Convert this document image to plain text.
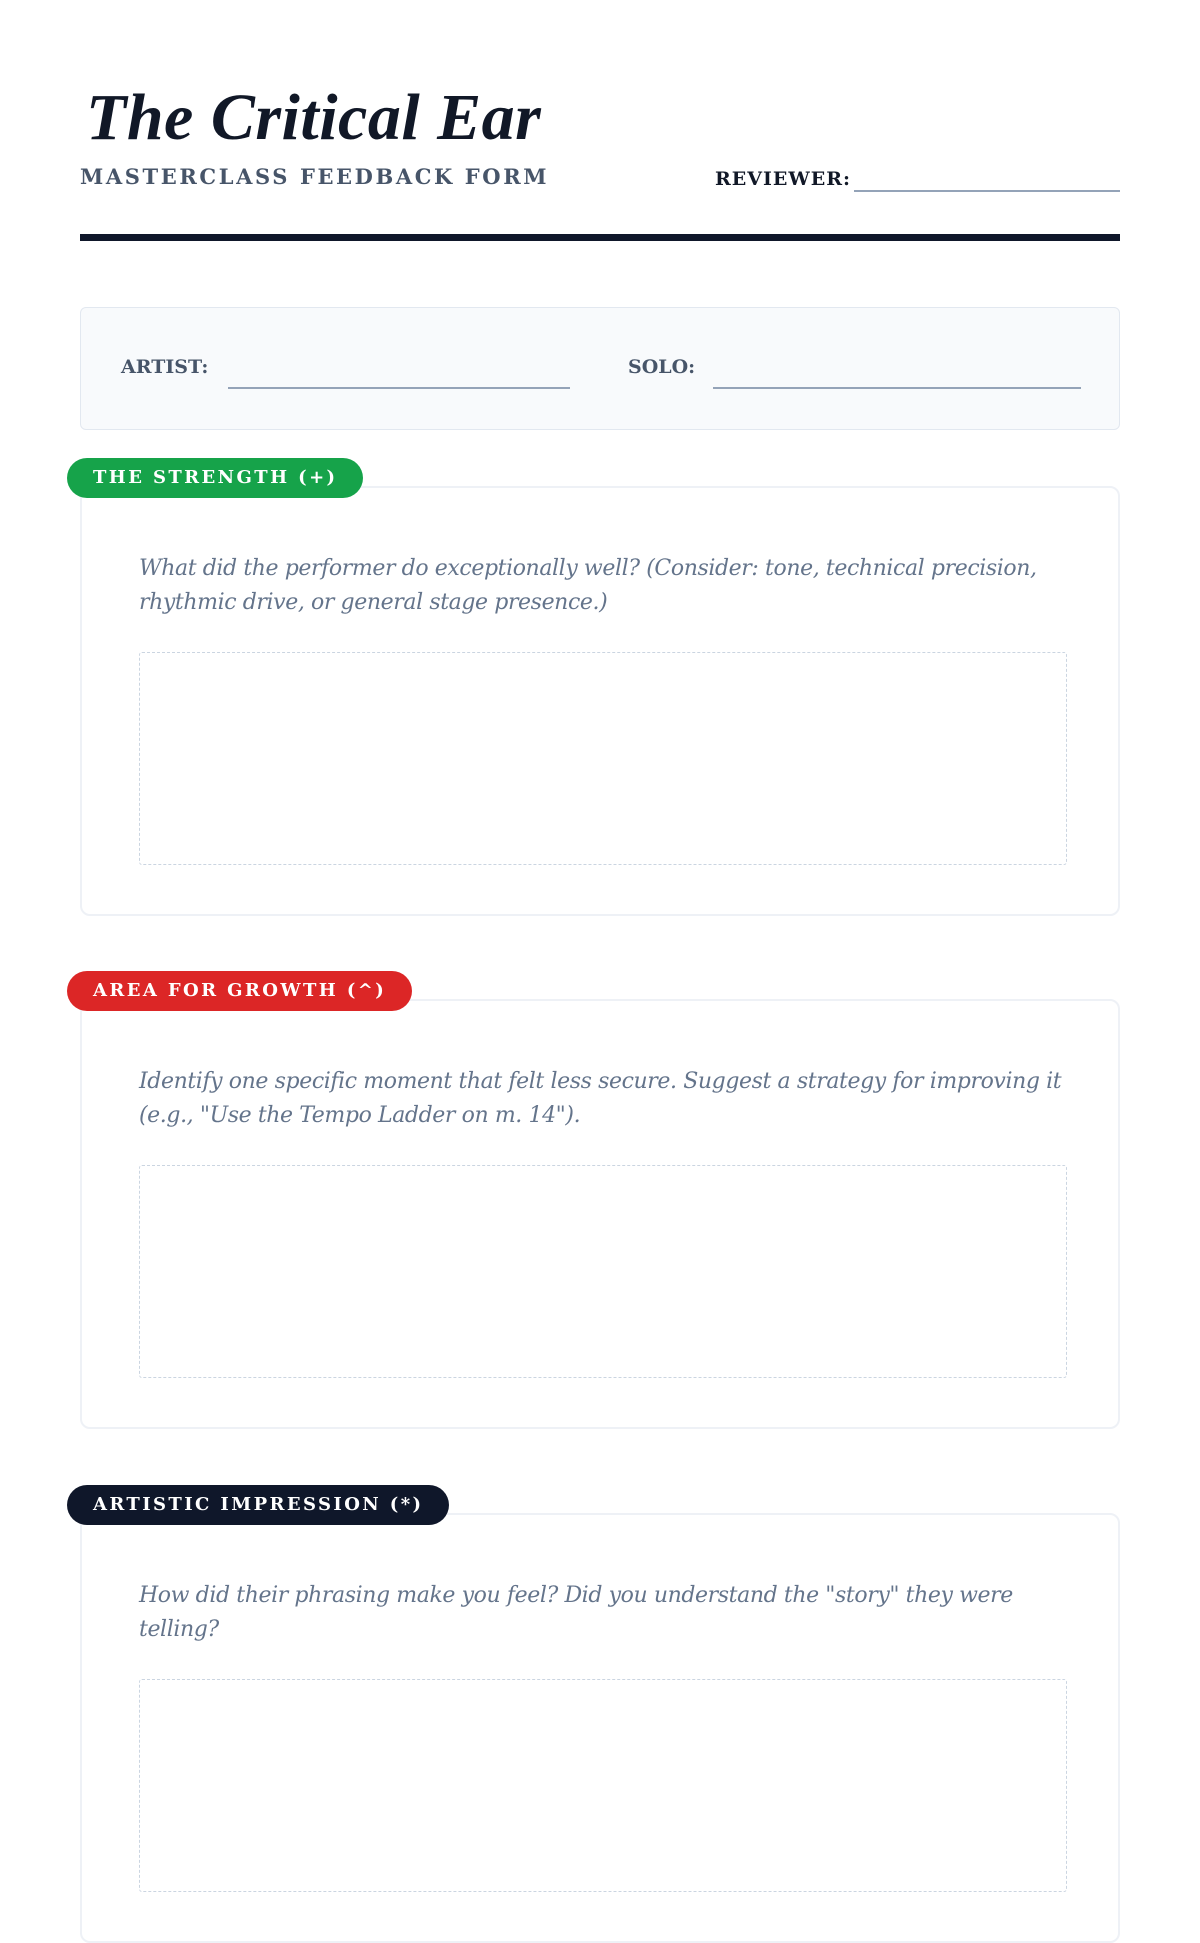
The Critical Ear
MASTERCLASS FEEDBACK FORM	REVIEWER:
ARTIST:	SOLO:
THE STRENGTH (+)
What did the performer do exceptionally well? (Consider: tone, technical precision, rhythmic drive, or general stage presence.)
AREA FOR GROWTH (^)
Identify one specific moment that felt less secure. Suggest a strategy for improving it (e.g., "Use the Tempo Ladder on m. 14").
ARTISTIC IMPRESSION (*)
How did their phrasing make you feel? Did you understand the "story" they were telling?
